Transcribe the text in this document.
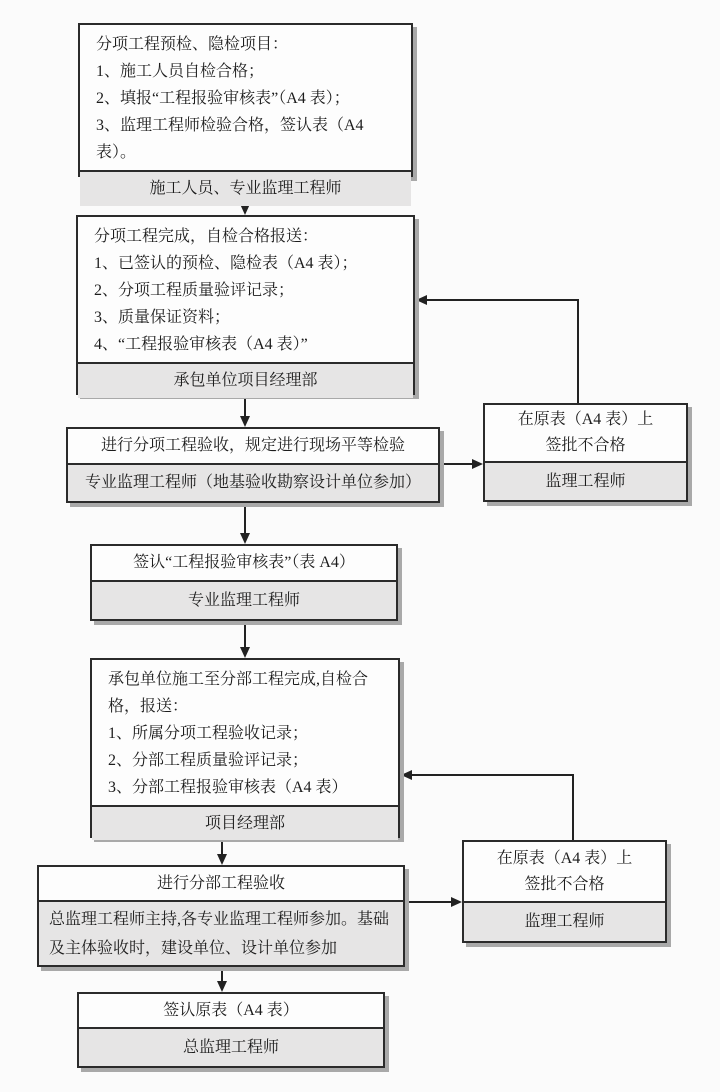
分项工程预检、隐检项目：
1、施工人员自检合格；
2、填报“工程报验审核表”（A4 表）；
3、监理工程师检验合格，签认表（A4 表）。
施工人员、专业监理工程师
分项工程完成，自检合格报送：
1、已签认的预检、隐检表（A4 表）；
2、分项工程质量验评记录；
3、质量保证资料；
4、“工程报验审核表（A4 表）”
承包单位项目经理部
进行分项工程验收，规定进行现场平等检验
专业监理工程师（地基验收勘察设计单位参加）
在原表（A4 表）上
签批不合格
监理工程师
签认“工程报验审核表”（表 A4）
专业监理工程师
承包单位施工至分部工程完成,自检合格，报送：
1、所属分项工程验收记录；
2、分部工程质量验评记录；
3、分部工程报验审核表（A4 表）
项目经理部
进行分部工程验收
总监理工程师主持,各专业监理工程师参加。基础及主体验收时，建设单位、设计单位参加
在原表（A4 表）上
签批不合格
监理工程师
签认原表（A4 表）
总监理工程师
